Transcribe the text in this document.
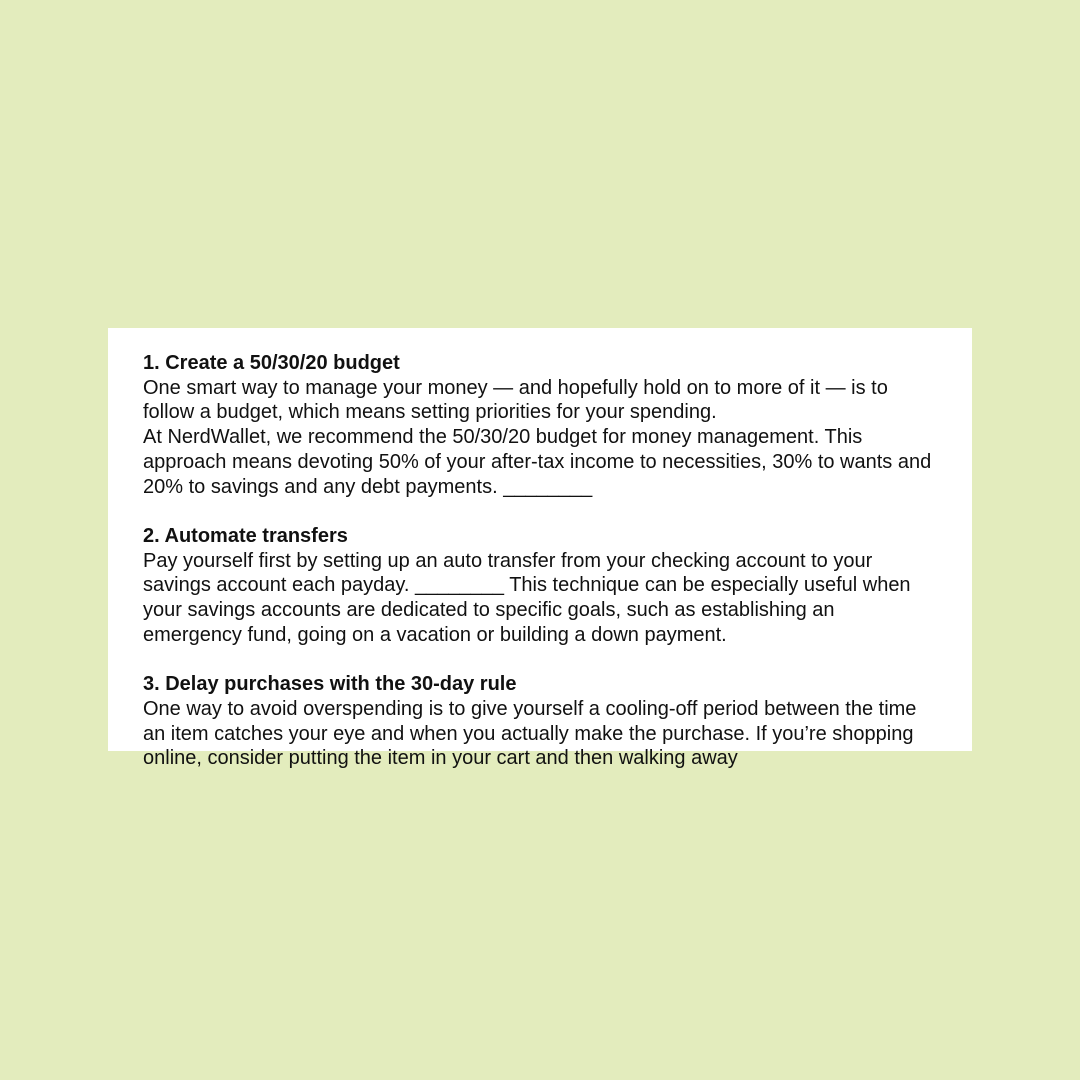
1. Create a 50/30/20 budget

One smart way to manage your money — and hopefully hold on to more of it — is to follow a budget, which means setting priorities for your spending.

At NerdWallet, we recommend the 50/30/20 budget for money management. This approach means devoting 50% of your after-tax income to necessities, 30% to wants and 20% to savings and any debt payments. ________

2. Automate transfers

Pay yourself first by setting up an auto transfer from your checking account to your savings account each payday. ________ This technique can be especially useful when your savings accounts are dedicated to specific goals, such as establishing an emergency fund, going on a vacation or building a down payment.

3. Delay purchases with the 30-day rule

One way to avoid overspending is to give yourself a cooling-off period between the time an item catches your eye and when you actually make the purchase. If you’re shopping online, consider putting the item in your cart and then walking away
